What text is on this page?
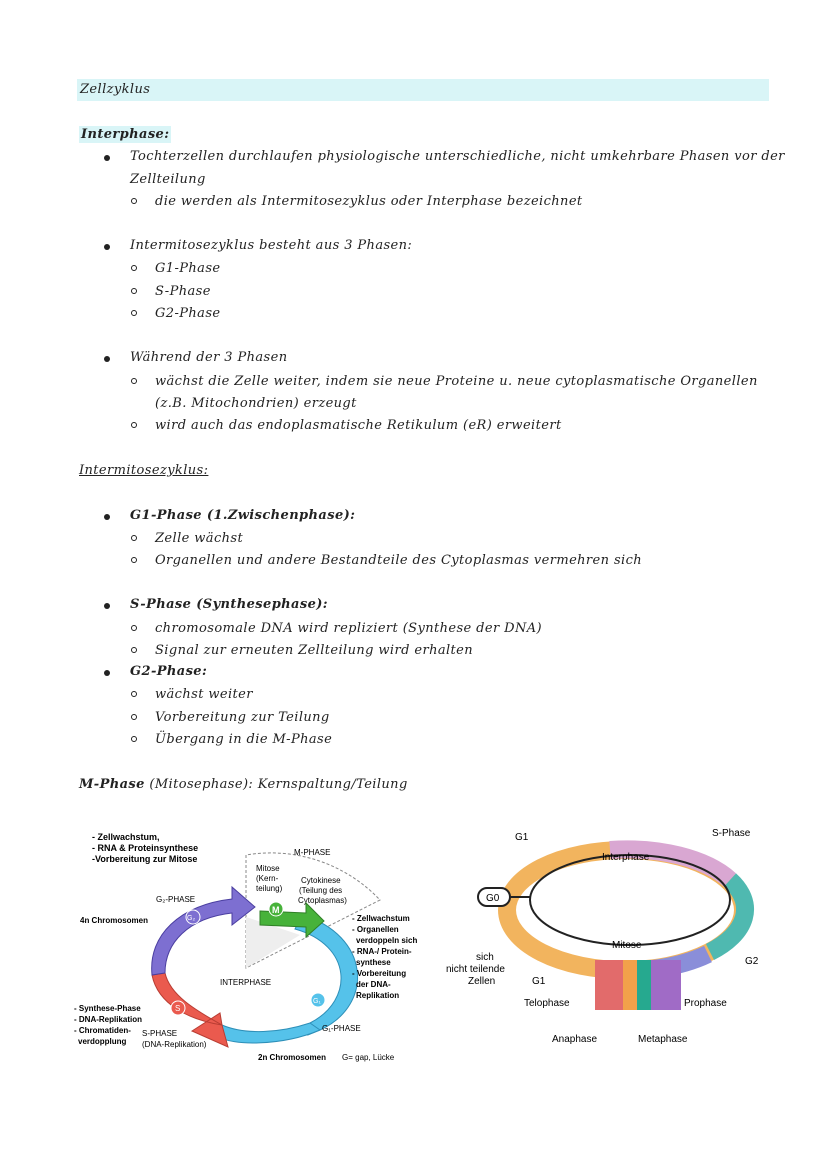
Zellzyklus
Interphase:
Tochterzellen durchlaufen physiologische unterschiedliche, nicht umkehrbare Phasen vor der
Zellteilung
die werden als Intermitosezyklus oder Interphase bezeichnet
Intermitosezyklus besteht aus 3 Phasen:
G1-Phase
S-Phase
G2-Phase
Während der 3 Phasen
wächst die Zelle weiter, indem sie neue Proteine u. neue cytoplasmatische Organellen
(z.B. Mitochondrien) erzeugt
wird auch das endoplasmatische Retikulum (eR) erweitert
Intermitosezyklus:
G1-Phase (1.Zwischenphase):
Zelle wächst
Organellen und andere Bestandteile des Cytoplasmas vermehren sich
S-Phase (Synthesephase):
chromosomale DNA wird repliziert (Synthese der DNA)
Signal zur erneuten Zellteilung wird erhalten
G2-Phase:
wächst weiter
Vorbereitung zur Teilung
Übergang in die M-Phase
M-Phase (Mitosephase): Kernspaltung/Teilung
- Zellwachstum,
- RNA & Proteinsynthese
-Vorbereitung zur Mitose
M-PHASE
Mitose
(Kern-
teilung)
Cytokinese
(Teilung des
Cytoplasmas)
M
G₂
S
G₁
G₂-PHASE
4n Chromosomen
INTERPHASE
- Zellwachstum
- Organellen
verdoppeln sich
- RNA-/ Protein-
synthese
- Vorbereitung
der DNA-
Replikation
- Synthese-Phase
- DNA-Replikation
- Chromatiden-
verdopplung
S-PHASE
(DNA-Replikation)
G₁-PHASE
2n Chromosomen G= gap, Lücke
G0
G1	S-Phase
Interphase
Mitose
G2
sich
nicht teilende
Zellen	G1
Telophase	Prophase
Anaphase	Metaphase
